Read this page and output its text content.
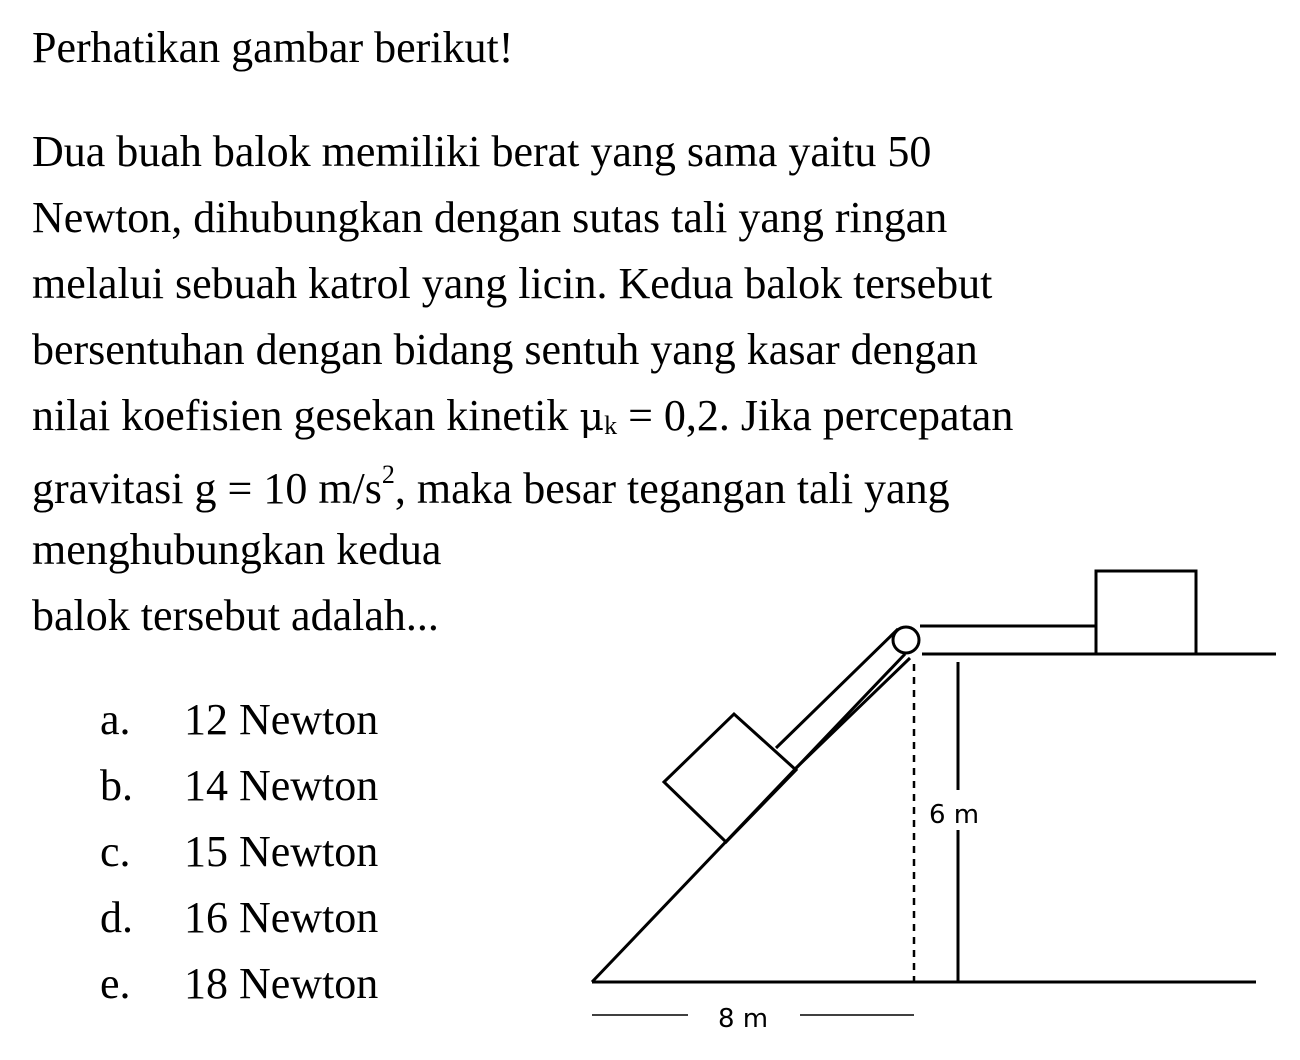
Perhatikan gambar berikut!
Dua buah balok memiliki berat yang sama yaitu 50
Newton, dihubungkan dengan sutas tali yang ringan
melalui sebuah katrol yang licin. Kedua balok tersebut
bersentuhan dengan bidang sentuh yang kasar dengan
nilai koefisien gesekan kinetik μk = 0,2. Jika percepatan
gravitasi g = 10 $m/s^2$, maka besar tegangan tali yang
menghubungkan kedua
balok tersebut adalah...
a. 12 Newton
b. 14 Newton
c. 15 Newton
d. 16 Newton
e. 18 Newton
6 m
8 m
